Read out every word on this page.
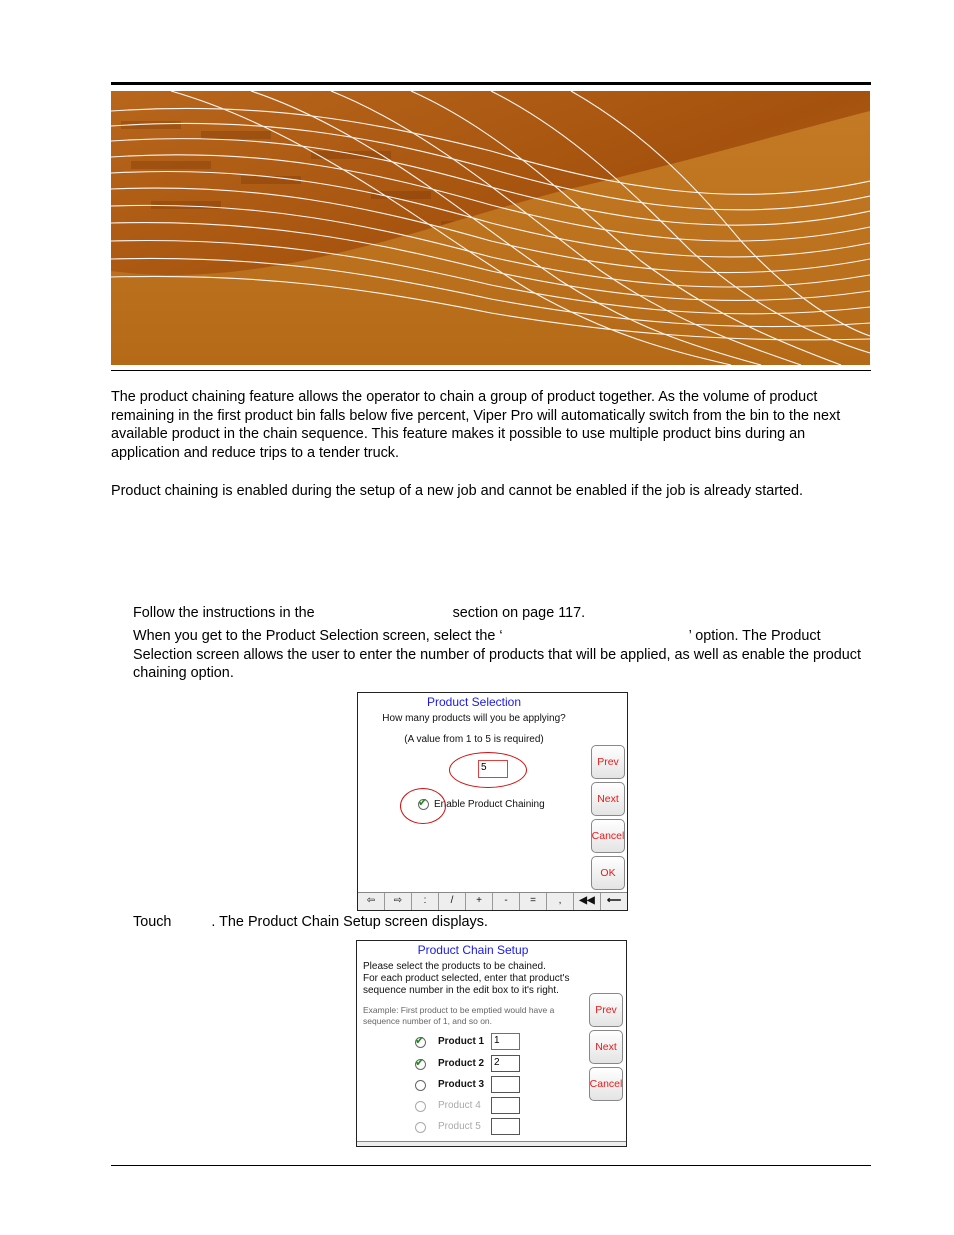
The product chaining feature allows the operator to chain a group of product together. As the volume of product remaining in the first product bin falls below five percent, Viper Pro will automatically switch from the bin to the next available product in the chain sequence. This feature makes it possible to use multiple product bins during an application and reduce trips to a tender truck.

Product chaining is enabled during the setup of a new job and cannot be enabled if the job is already started.

Follow the instructions in the	section on page 117.

When you get to the Product Selection screen, select the ‘	’ option. The Product Selection screen allows the user to enter the number of products that will be applied, as well as enable the product chaining option.

Product Selection
How many products will you be applying?
(A value from 1 to 5 is required)
5
✔ Enable Product Chaining
Prev
Next
Cancel
OK
⇦	⇨	:	/	+	-	=	,	◀◀	⟵

Touch	. The Product Chain Setup screen displays.

Product Chain Setup
Please select the products to be chained.
For each product selected, enter that product's
sequence number in the edit box to it's right.
Example: First product to be emptied would have a
sequence number of 1, and so on.
✔ Product 1 1
✔ Product 2 2
Product 3
Product 4
Product 5
Prev
Next
Cancel
